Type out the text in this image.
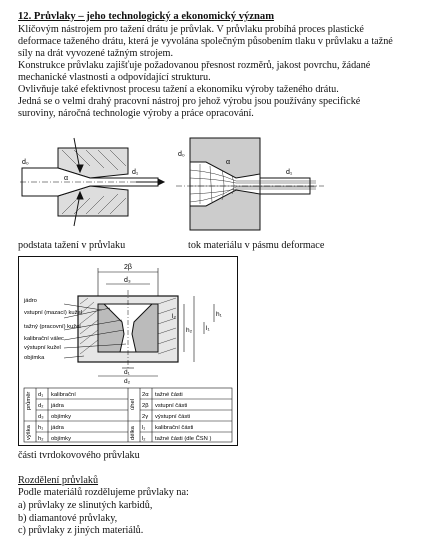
12. Průvlaky – jeho technologický a ekonomický význam
Klíčovým nástrojem pro tažení drátu je průvlak. V průvlaku probíhá proces plastické
deformace taženého drátu, která je vyvolána společným působením tlaku v průvlaku a tažné
síly na drát vyvozené tažným strojem.
Konstrukce průvlaku zajišťuje požadovanou přesnost rozměrů, jakost povrchu, žádané
mechanické vlastnosti a odpovídající strukturu.
Ovlivňuje také efektivnost procesu tažení a ekonomiku výroby taženého drátu.
Jedná se o velmi drahý pracovní nástroj pro jehož výrobu jsou používány specifické
suroviny, náročná technologie výroby a práce opracování.
d₀
d₁
α
d₀
α
d₁
podstata tažení v průvlaku	tok materiálu v pásmu deformace
2β
d₃
l₂
l₁
h₂
h₁
d₁
d₂
jádro
vstupní (mazací) kužel
tažný (pracovní) kužel
kalibrační válec
výstupní kužel
objímka
průměr
výška
úhel
délka
d₁
d₂
d₃
h₁
h₂
kalibrační
jádra
objímky
jádra
objímky
2α
2β
2γ
l₁
l₂
tažné části
vstupní části
výstupní části
kalibrační části
tažné části (dle ČSN )
části tvrdokovového průvlaku
Rozdělení průvlaků
Podle materiálů rozdělujeme průvlaky na:
a) průvlaky ze slinutých karbidů,
b) diamantové průvlaky,
c) průvlaky z jiných materiálů.
